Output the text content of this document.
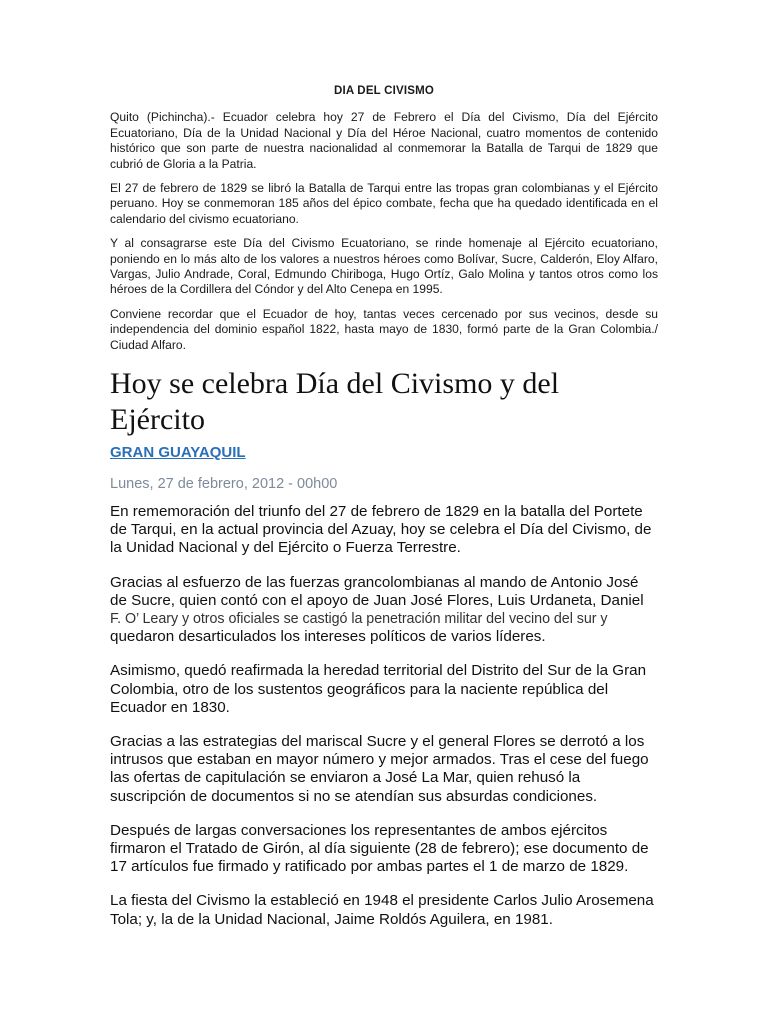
DIA DEL CIVISMO

Quito (Pichincha).- Ecuador celebra hoy 27 de Febrero el Día del Civismo, Día del Ejército Ecuatoriano, Día de la Unidad Nacional y Día del Héroe Nacional, cuatro momentos de contenido histórico que son parte de nuestra nacionalidad al conmemorar la Batalla de Tarqui de 1829 que cubrió de Gloria a la Patria.

El 27 de febrero de 1829 se libró la Batalla de Tarqui entre las tropas gran colombianas y el Ejército peruano. Hoy se conmemoran 185 años del épico combate, fecha que ha quedado identificada en el calendario del civismo ecuatoriano.

Y al consagrarse este Día del Civismo Ecuatoriano, se rinde homenaje al Ejército ecuatoriano, poniendo en lo más alto de los valores a nuestros héroes como Bolívar, Sucre, Calderón, Eloy Alfaro, Vargas, Julio Andrade, Coral, Edmundo Chiriboga, Hugo Ortíz, Galo Molina y tantos otros como los héroes de la Cordillera del Cóndor y del Alto Cenepa en 1995.

Conviene recordar que el Ecuador de hoy, tantas veces cercenado por sus vecinos, desde su independencia del dominio español 1822, hasta mayo de 1830, formó parte de la Gran Colombia./ Ciudad Alfaro.

Hoy se celebra Día del Civismo y del Ejército
GRAN GUAYAQUIL
Lunes, 27 de febrero, 2012 - 00h00

En rememoración del triunfo del 27 de febrero de 1829 en la batalla del Portete de Tarqui, en la actual provincia del Azuay, hoy se celebra el Día del Civismo, de la Unidad Nacional y del Ejército o Fuerza Terrestre.

Gracias al esfuerzo de las fuerzas grancolombianas al mando de Antonio José de Sucre, quien contó con el apoyo de Juan José Flores, Luis Urdaneta, Daniel F. O’ Leary y otros oficiales se castigó la penetración militar del vecino del sur y quedaron desarticulados los intereses políticos de varios líderes.

Asimismo, quedó reafirmada la heredad territorial del Distrito del Sur de la Gran Colombia, otro de los sustentos geográficos para la naciente república del Ecuador en 1830.

Gracias a las estrategias del mariscal Sucre y el general Flores se derrotó a los intrusos que estaban en mayor número y mejor armados. Tras el cese del fuego las ofertas de capitulación se enviaron a José La Mar, quien rehusó la suscripción de documentos si no se atendían sus absurdas condiciones.

Después de largas conversaciones los representantes de ambos ejércitos firmaron el Tratado de Girón, al día siguiente (28 de febrero); ese documento de 17 artículos fue firmado y ratificado por ambas partes el 1 de marzo de 1829.

La fiesta del Civismo la estableció en 1948 el presidente Carlos Julio Arosemena Tola; y, la de la Unidad Nacional, Jaime Roldós Aguilera, en 1981.
